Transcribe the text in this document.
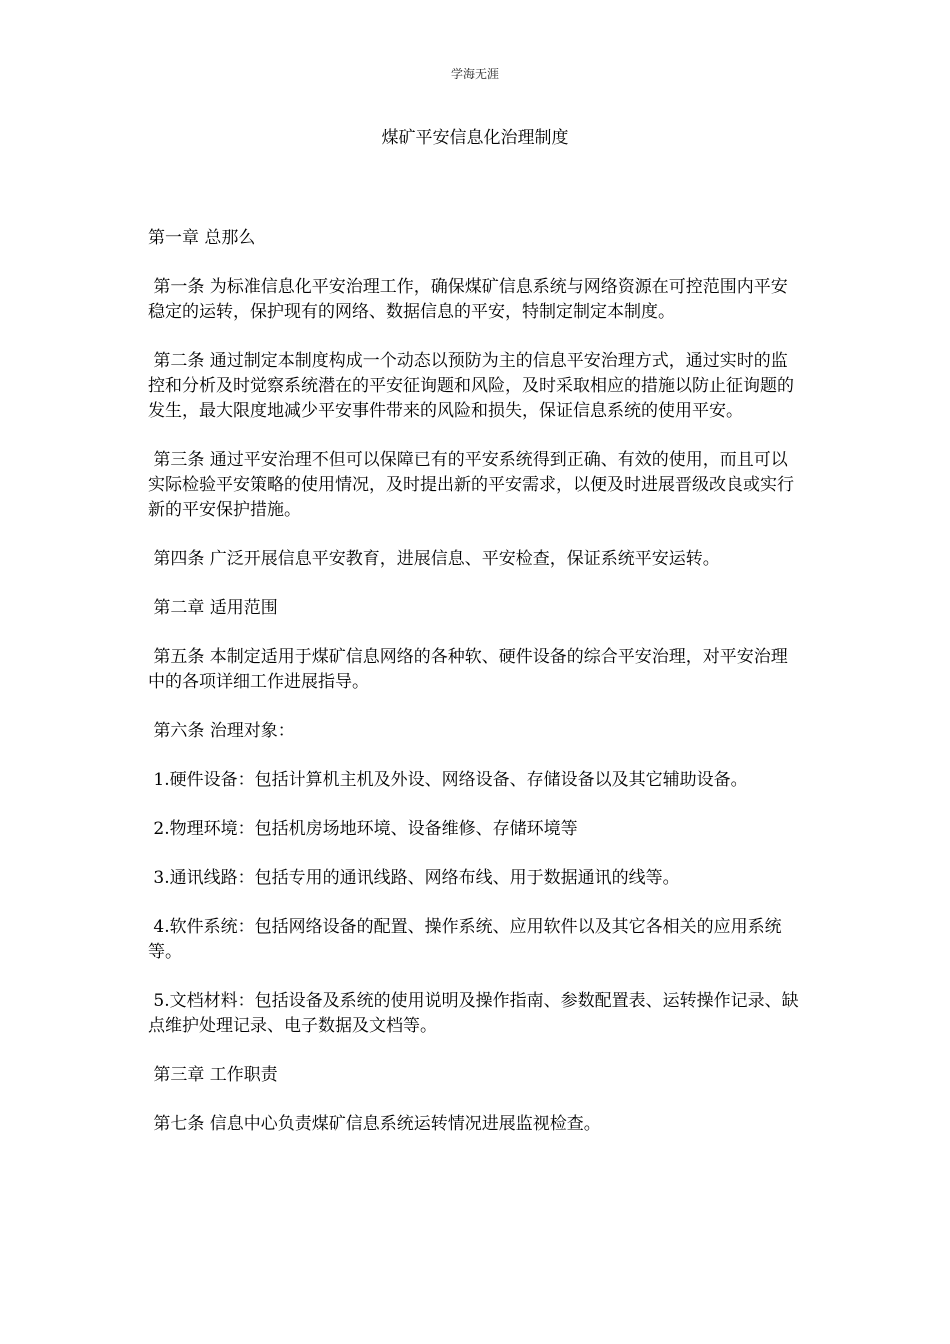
学海无涯
煤矿平安信息化治理制度

第一章 总那么

第一条 为标准信息化平安治理工作，确保煤矿信息系统与网络资源在可控范围内平安稳定的运转，保护现有的网络、数据信息的平安，特制定制定本制度。

第二条 通过制定本制度构成一个动态以预防为主的信息平安治理方式，通过实时的监控和分析及时觉察系统潜在的平安征询题和风险，及时采取相应的措施以防止征询题的发生，最大限度地减少平安事件带来的风险和损失，保证信息系统的使用平安。

第三条 通过平安治理不但可以保障已有的平安系统得到正确、有效的使用，而且可以实际检验平安策略的使用情况，及时提出新的平安需求，以便及时进展晋级改良或实行新的平安保护措施。

第四条 广泛开展信息平安教育，进展信息、平安检查，保证系统平安运转。

第二章 适用范围

第五条 本制定适用于煤矿信息网络的各种软、硬件设备的综合平安治理，对平安治理中的各项详细工作进展指导。

第六条 治理对象：

1.硬件设备：包括计算机主机及外设、网络设备、存储设备以及其它辅助设备。

2.物理环境：包括机房场地环境、设备维修、存储环境等

3.通讯线路：包括专用的通讯线路、网络布线、用于数据通讯的线等。

4.软件系统：包括网络设备的配置、操作系统、应用软件以及其它各相关的应用系统等。

5.文档材料：包括设备及系统的使用说明及操作指南、参数配置表、运转操作记录、缺点维护处理记录、电子数据及文档等。

第三章 工作职责

第七条 信息中心负责煤矿信息系统运转情况进展监视检查。
